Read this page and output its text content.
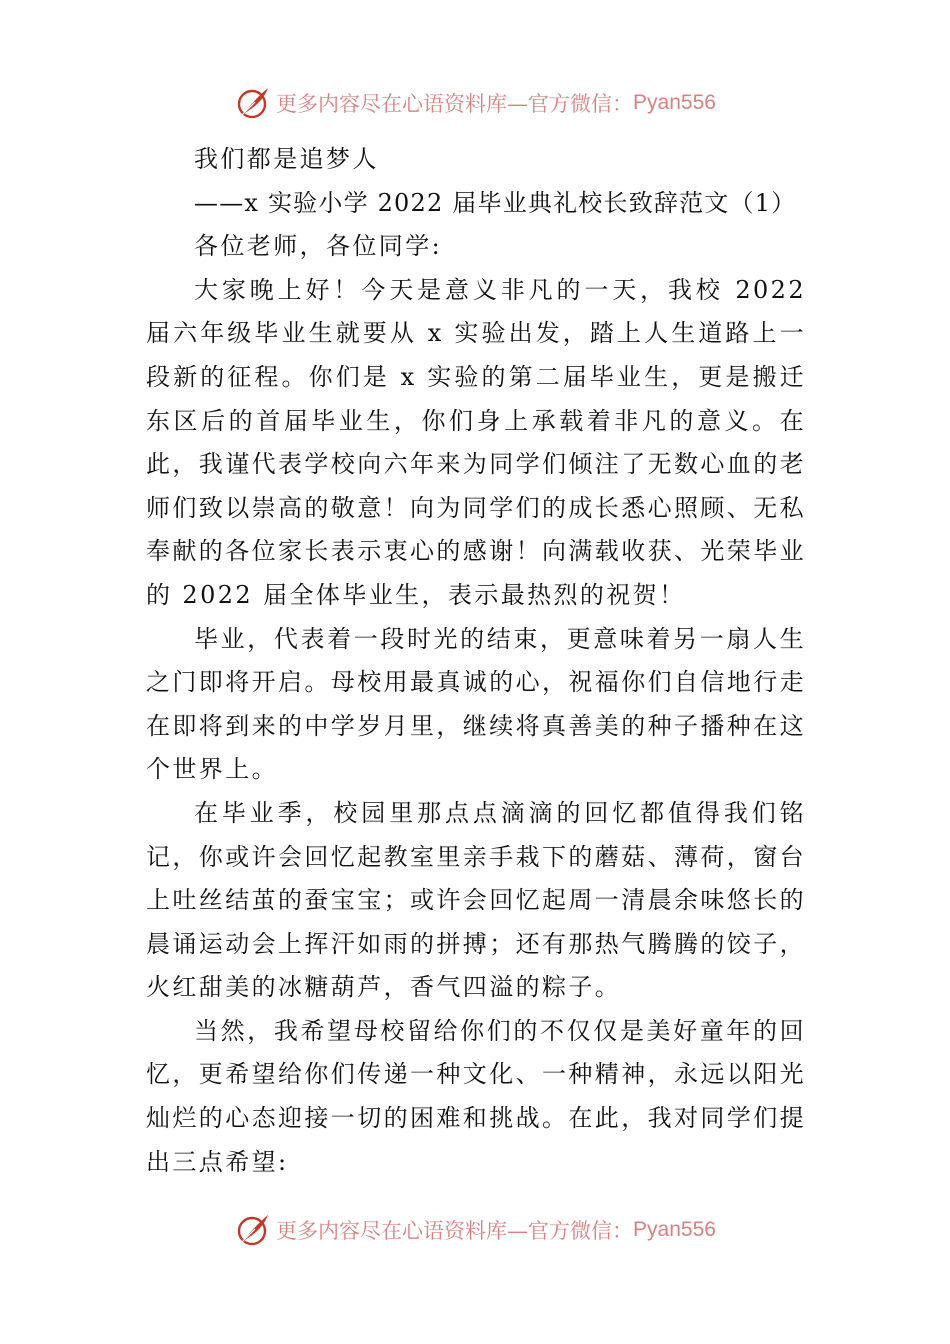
更多内容尽在心语资料库—官方微信： Pyan556

我们都是追梦人

——x 实验小学 2022 届毕业典礼校长致辞范文（1）

各位老师，各位同学:

大家晚上好！今天是意义非凡的一天，我校 2022 届六年级毕业生就要从 x 实验出发，踏上人生道路上一段新的征程。你们是 x 实验的第二届毕业生，更是搬迁东区后的首届毕业生，你们身上承载着非凡的意义。在此，我谨代表学校向六年来为同学们倾注了无数心血的老师们致以崇高的敬意！向为同学们的成长悉心照顾、无私奉献的各位家长表示衷心的感谢！向满载收获、光荣毕业的 2022 届全体毕业生，表示最热烈的祝贺！

毕业，代表着一段时光的结束，更意味着另一扇人生之门即将开启。母校用最真诚的心，祝福你们自信地行走在即将到来的中学岁月里，继续将真善美的种子播种在这个世界上。

在毕业季，校园里那点点滴滴的回忆都值得我们铭记，你或许会回忆起教室里亲手栽下的蘑菇、薄荷，窗台上吐丝结茧的蚕宝宝；或许会回忆起周一清晨余味悠长的晨诵运动会上挥汗如雨的拼搏；还有那热气腾腾的饺子，火红甜美的冰糖葫芦，香气四溢的粽子。

当然，我希望母校留给你们的不仅仅是美好童年的回忆，更希望给你们传递一种文化、一种精神，永远以阳光灿烂的心态迎接一切的困难和挑战。在此，我对同学们提出三点希望:

更多内容尽在心语资料库—官方微信： Pyan556
